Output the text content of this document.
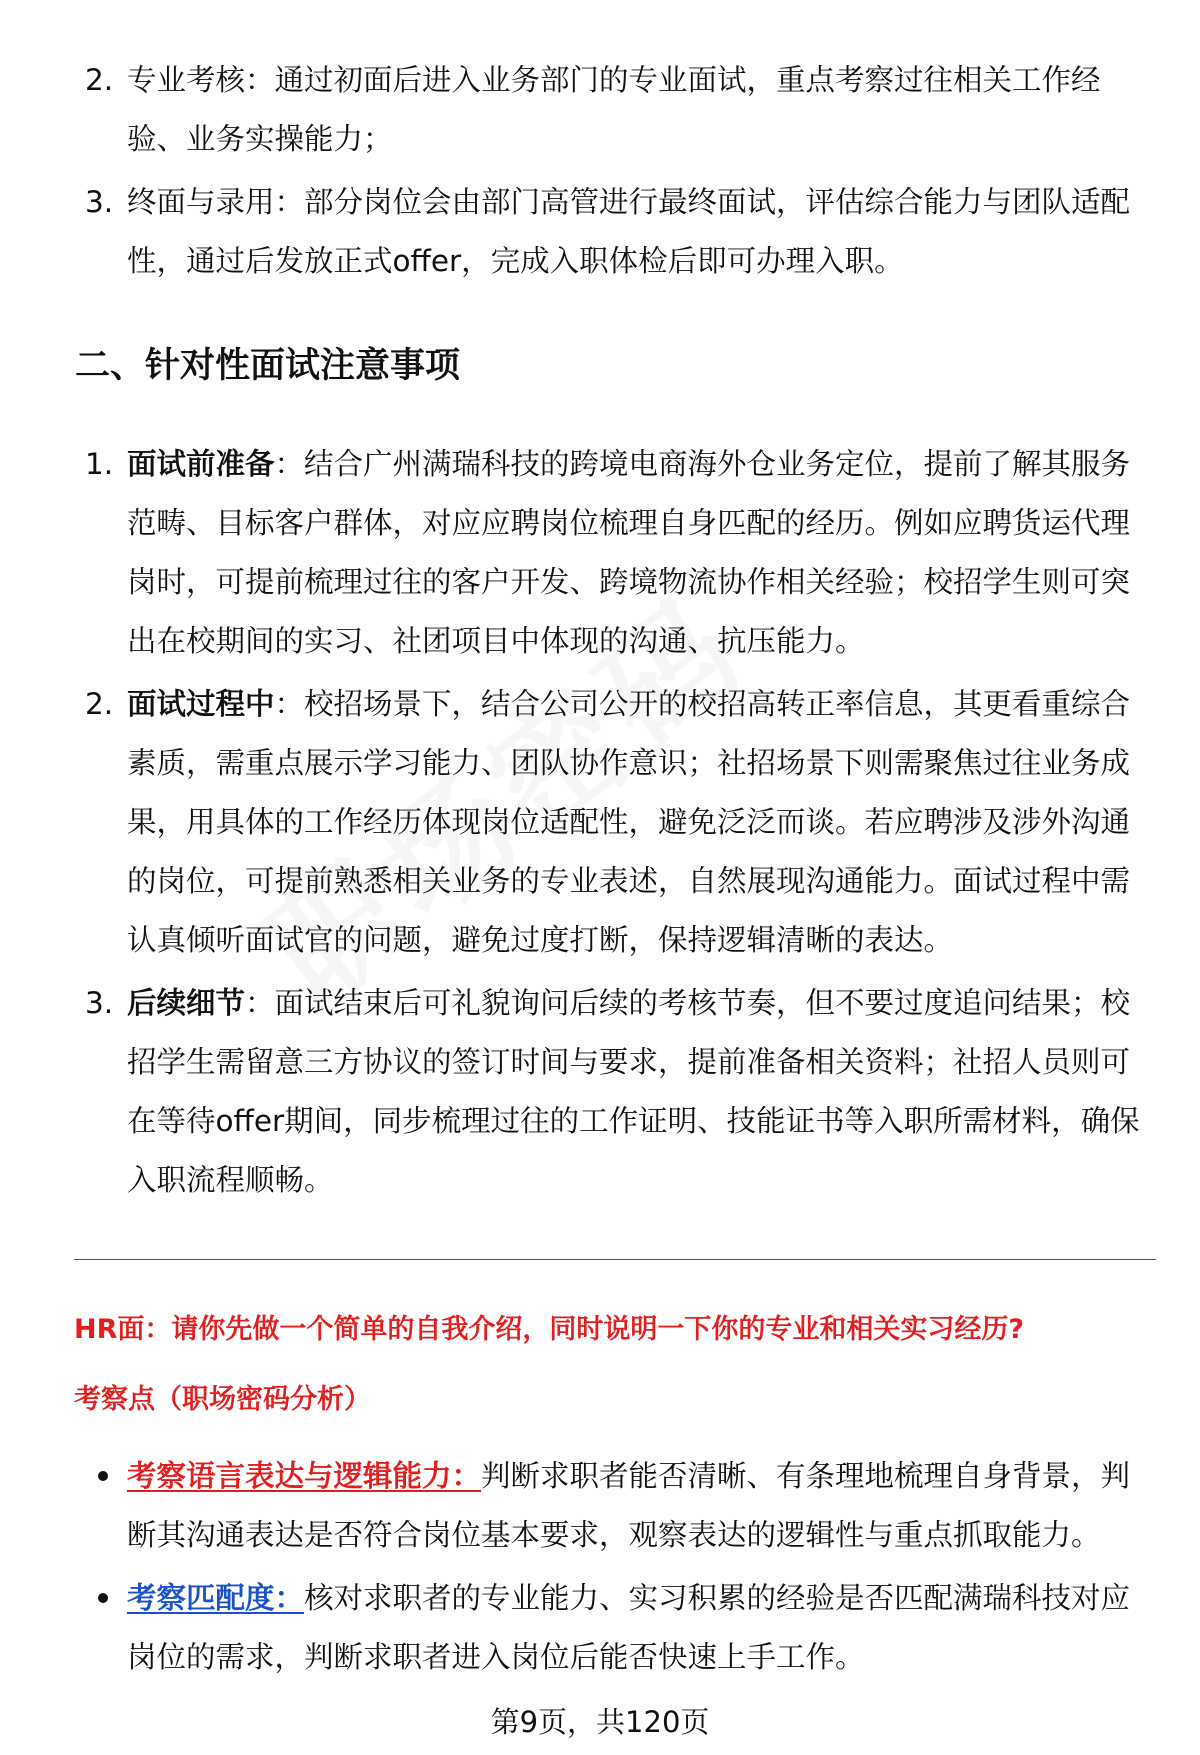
2. 专业考核：通过初面后进入业务部门的专业面试，重点考察过往相关工作经验、业务实操能力；
3. 终面与录用：部分岗位会由部门高管进行最终面试，评估综合能力与团队适配性，通过后发放正式offer，完成入职体检后即可办理入职。
二、针对性面试注意事项
1. 面试前准备：结合广州满瑞科技的跨境电商海外仓业务定位，提前了解其服务范畴、目标客户群体，对应应聘岗位梳理自身匹配的经历。例如应聘货运代理岗时，可提前梳理过往的客户开发、跨境物流协作相关经验；校招学生则可突出在校期间的实习、社团项目中体现的沟通、抗压能力。
2. 面试过程中：校招场景下，结合公司公开的校招高转正率信息，其更看重综合素质，需重点展示学习能力、团队协作意识；社招场景下则需聚焦过往业务成果，用具体的工作经历体现岗位适配性，避免泛泛而谈。若应聘涉及涉外沟通的岗位，可提前熟悉相关业务的专业表述，自然展现沟通能力。面试过程中需认真倾听面试官的问题，避免过度打断，保持逻辑清晰的表达。
3. 后续细节：面试结束后可礼貌询问后续的考核节奏，但不要过度追问结果；校招学生需留意三方协议的签订时间与要求，提前准备相关资料；社招人员则可在等待offer期间，同步梳理过往的工作证明、技能证书等入职所需材料，确保入职流程顺畅。
HR面：请你先做一个简单的自我介绍，同时说明一下你的专业和相关实习经历?
考察点（职场密码分析）
考察语言表达与逻辑能力：判断求职者能否清晰、有条理地梳理自身背景，判断其沟通表达是否符合岗位基本要求，观察表达的逻辑性与重点抓取能力。
考察匹配度：核对求职者的专业能力、实习积累的经验是否匹配满瑞科技对应岗位的需求，判断求职者进入岗位后能否快速上手工作。
第9页，共120页
